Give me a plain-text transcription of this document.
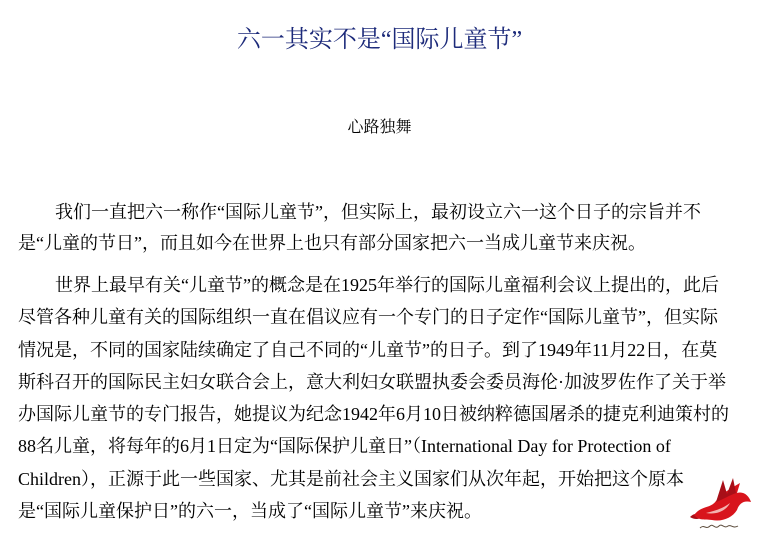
六一其实不是“国际儿童节”
心路独舞
我们一直把六一称作“国际儿童节”，但实际上，最初设立六一这个日子的宗旨并不
是“儿童的节日”，而且如今在世界上也只有部分国家把六一当成儿童节来庆祝。
世界上最早有关“儿童节”的概念是在1925年举行的国际儿童福利会议上提出的，此后
尽管各种儿童有关的国际组织一直在倡议应有一个专门的日子定作“国际儿童节”，但实际
情况是，不同的国家陆续确定了自己不同的“儿童节”的日子。到了1949年11月22日，在莫
斯科召开的国际民主妇女联合会上，意大利妇女联盟执委会委员海伦·加波罗佐作了关于举
办国际儿童节的专门报告，她提议为纪念1942年6月10日被纳粹德国屠杀的捷克利迪策村的
88名儿童，将每年的6月1日定为“国际保护儿童日”（International Day for Protection of
Children），正源于此一些国家、尤其是前社会主义国家们从次年起，开始把这个原本
是“国际儿童保护日”的六一，当成了“国际儿童节”来庆祝。
